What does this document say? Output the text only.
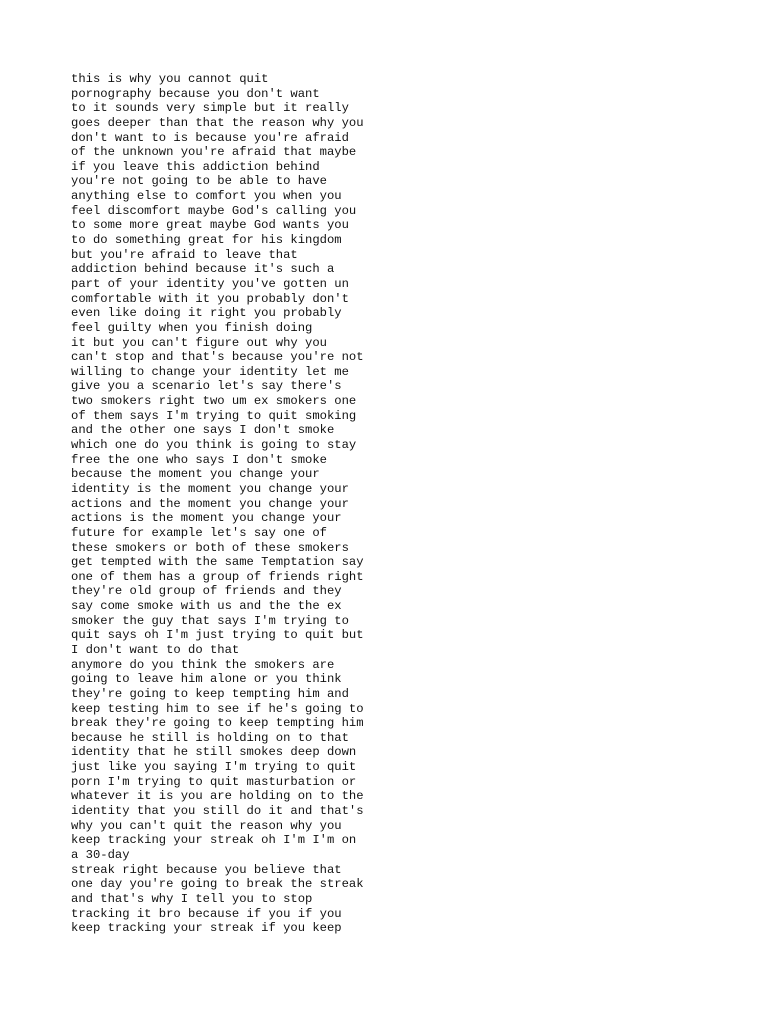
this is why you cannot quit
pornography because you don't want
to it sounds very simple but it really
goes deeper than that the reason why you
don't want to is because you're afraid
of the unknown you're afraid that maybe
if you leave this addiction behind
you're not going to be able to have
anything else to comfort you when you
feel discomfort maybe God's calling you
to some more great maybe God wants you
to do something great for his kingdom
but you're afraid to leave that
addiction behind because it's such a
part of your identity you've gotten un
comfortable with it you probably don't
even like doing it right you probably
feel guilty when you finish doing
it but you can't figure out why you
can't stop and that's because you're not
willing to change your identity let me
give you a scenario let's say there's
two smokers right two um ex smokers one
of them says I'm trying to quit smoking
and the other one says I don't smoke
which one do you think is going to stay
free the one who says I don't smoke
because the moment you change your
identity is the moment you change your
actions and the moment you change your
actions is the moment you change your
future for example let's say one of
these smokers or both of these smokers
get tempted with the same Temptation say
one of them has a group of friends right
they're old group of friends and they
say come smoke with us and the the ex
smoker the guy that says I'm trying to
quit says oh I'm just trying to quit but
I don't want to do that
anymore do you think the smokers are
going to leave him alone or you think
they're going to keep tempting him and
keep testing him to see if he's going to
break they're going to keep tempting him
because he still is holding on to that
identity that he still smokes deep down
just like you saying I'm trying to quit
porn I'm trying to quit masturbation or
whatever it is you are holding on to the
identity that you still do it and that's
why you can't quit the reason why you
keep tracking your streak oh I'm I'm on
a 30-day
streak right because you believe that
one day you're going to break the streak
and that's why I tell you to stop
tracking it bro because if you if you
keep tracking your streak if you keep
